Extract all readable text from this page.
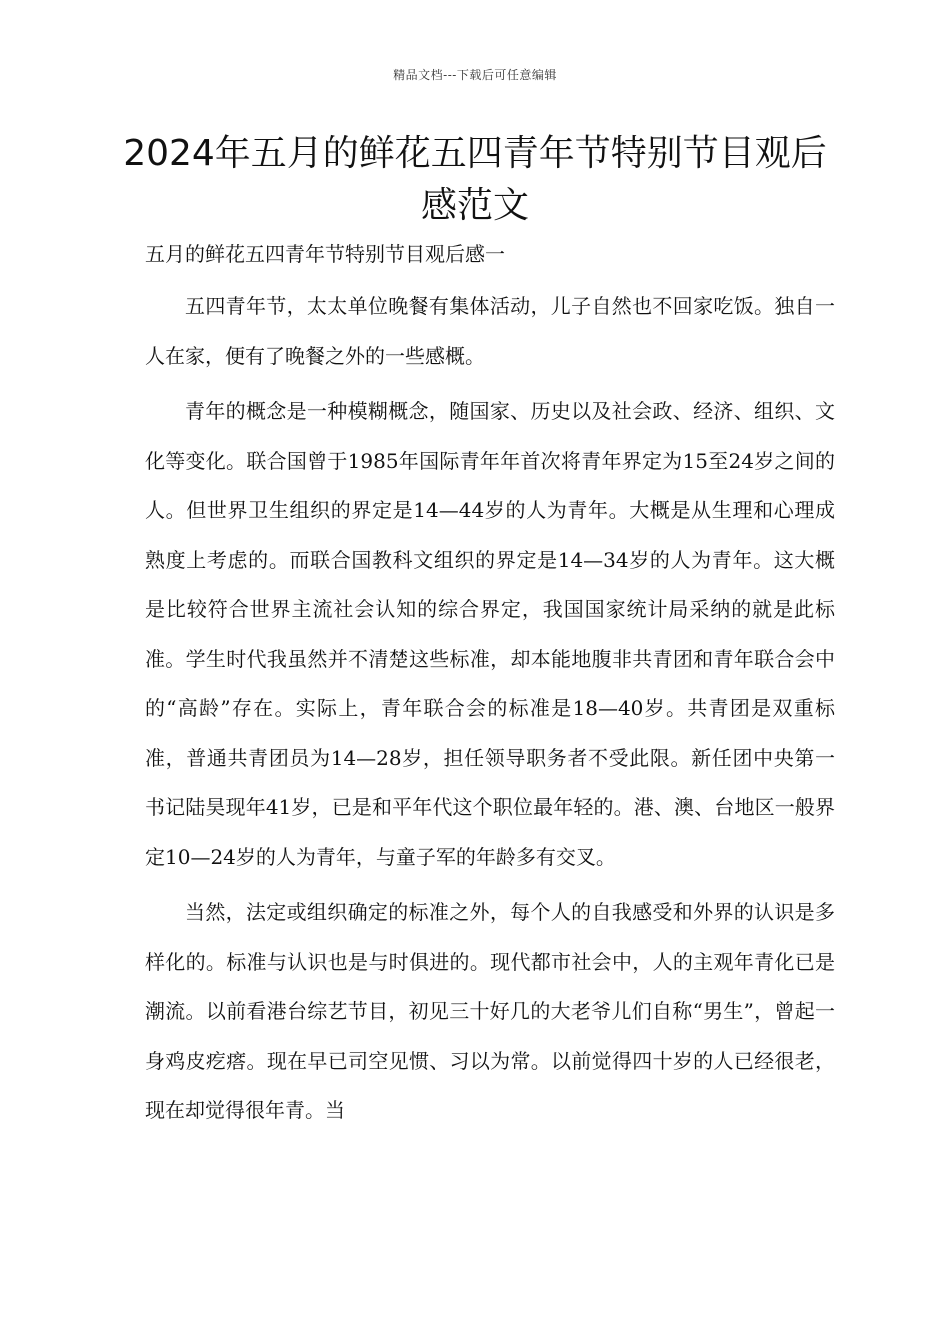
精品文档---下载后可任意编辑
2024年五月的鲜花五四青年节特别节目观后感范文

五月的鲜花五四青年节特别节目观后感一

五四青年节，太太单位晚餐有集体活动，儿子自然也不回家吃饭。独自一人在家，便有了晚餐之外的一些感概。

青年的概念是一种模糊概念，随国家、历史以及社会政、经济、组织、文化等变化。联合国曾于1985年国际青年年首次将青年界定为15至24岁之间的人。但世界卫生组织的界定是14—44岁的人为青年。大概是从生理和心理成熟度上考虑的。而联合国教科文组织的界定是14—34岁的人为青年。这大概是比较符合世界主流社会认知的综合界定，我国国家统计局采纳的就是此标准。学生时代我虽然并不清楚这些标准，却本能地腹非共青团和青年联合会中的“高龄”存在。实际上，青年联合会的标准是18—40岁。共青团是双重标准，普通共青团员为14—28岁，担任领导职务者不受此限。新任团中央第一书记陆昊现年41岁，已是和平年代这个职位最年轻的。港、澳、台地区一般界定10—24岁的人为青年，与童子军的年龄多有交叉。

当然，法定或组织确定的标准之外，每个人的自我感受和外界的认识是多样化的。标准与认识也是与时俱进的。现代都市社会中，人的主观年青化已是潮流。以前看港台综艺节目，初见三十好几的大老爷儿们自称“男生”，曾起一身鸡皮疙瘩。现在早已司空见惯、习以为常。以前觉得四十岁的人已经很老，现在却觉得很年青。当
